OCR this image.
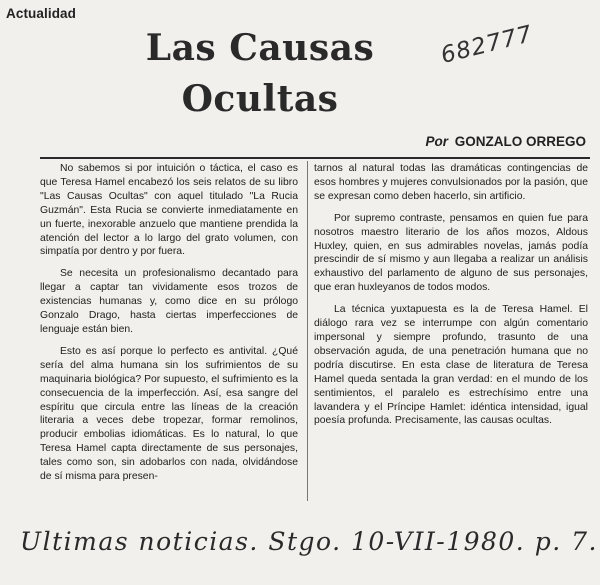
Actualidad
Las Causas
Ocultas
682777
Por GONZALO ORREGO

No sabemos si por intuición o táctica, el caso es que Teresa Hamel encabezó los seis relatos de su libro "Las Causas Ocultas" con aquel titulado "La Rucia Guzmán". Esta Rucia se convierte inmediatamente en un fuerte, inexorable anzuelo que mantiene prendida la atención del lector a lo largo del grato volumen, con simpatía por dentro y por fuera.

Se necesita un profesionalismo decantado para llegar a captar tan vividamente esos trozos de existencias humanas y, como dice en su prólogo Gonzalo Drago, hasta ciertas imperfecciones de lenguaje están bien.

Esto es así porque lo perfecto es antivital. ¿Qué sería del alma humana sin los sufrimientos de su maquinaria biológica? Por supuesto, el sufrimiento es la consecuencia de la imperfección. Así, esa sangre del espíritu que circula entre las líneas de la creación literaria a veces debe tropezar, formar remolinos, producir embolias idiomáticas. Es lo natural, lo que Teresa Hamel capta directamente de sus personajes, tales como son, sin adobarlos con nada, olvidándose de sí misma para presen-

tarnos al natural todas las dramáticas contingencias de esos hombres y mujeres convulsionados por la pasión, que se expresan como deben hacerlo, sin artificio.

Por supremo contraste, pensamos en quien fue para nosotros maestro literario de los años mozos, Aldous Huxley, quien, en sus admirables novelas, jamás podía prescindir de sí mismo y aun llegaba a realizar un análisis exhaustivo del parlamento de alguno de sus personajes, que eran huxleyanos de todos modos.

La técnica yuxtapuesta es la de Teresa Hamel. El diálogo rara vez se interrumpe con algún comentario impersonal y siempre profundo, trasunto de una observación aguda, de una penetración humana que no podría discutirse. En esta clase de literatura de Teresa Hamel queda sentada la gran verdad: en el mundo de los sentimientos, el paralelo es estrechísimo entre una lavandera y el Príncipe Hamlet: idéntica intensidad, igual poesía profunda. Precisamente, las causas ocultas.

Ultimas noticias. Stgo. 10-VII-1980. p. 7.
